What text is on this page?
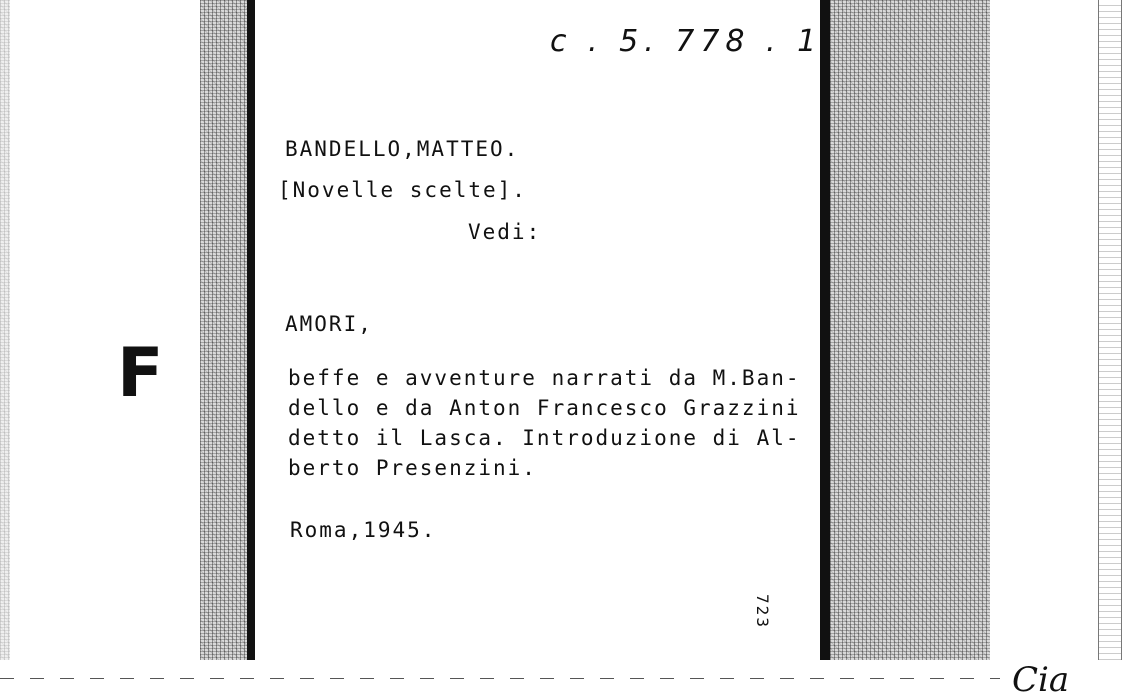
F
c . 5. 778 . 1
BANDELLO,MATTEO.
[Novelle scelte].
Vedi:
AMORI,
beffe e avventure narrati da M.Ban-
dello e da Anton Francesco Grazzini
detto il Lasca. Introduzione di Al-
berto Presenzini.
Roma,1945.
723
Cia
